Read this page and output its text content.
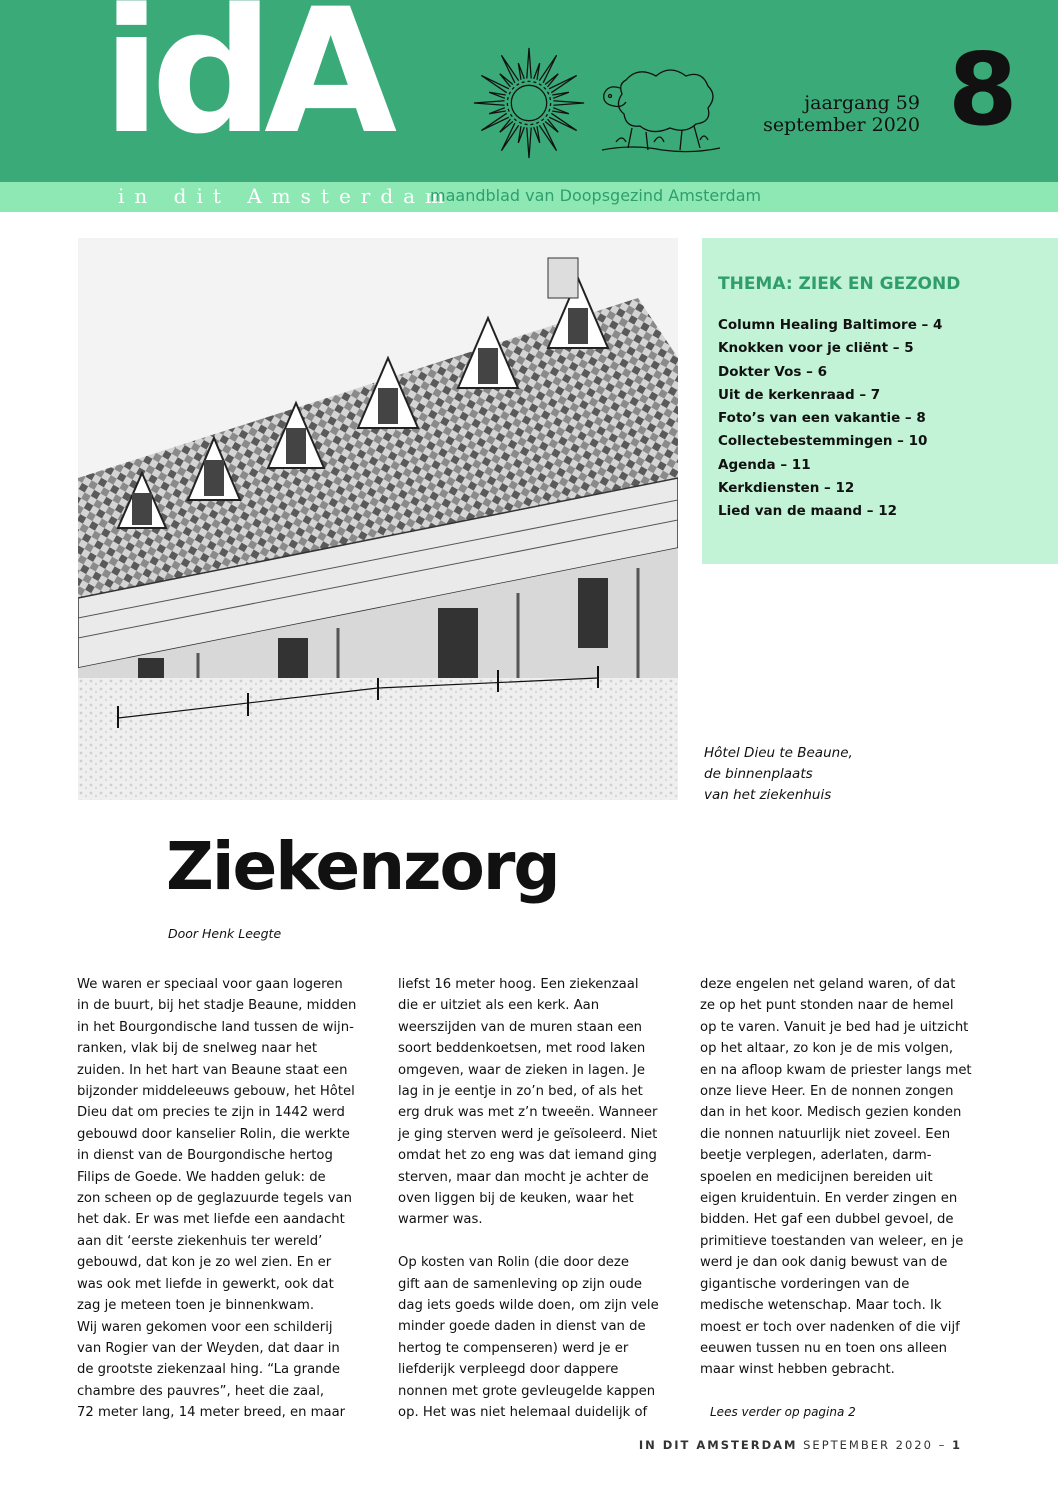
idA
in dit Amsterdam
maandblad van Doopsgezind Amsterdam
jaargang 59
september 2020 8
THEMA: ZIEK EN GEZOND
Column Healing Baltimore – 4
Knokken voor je cliënt – 5
Dokter Vos – 6
Uit de kerkenraad – 7
Foto’s van een vakantie – 8
Collectebestemmingen – 10
Agenda – 11
Kerkdiensten – 12
Lied van de maand – 12
Hôtel Dieu te Beaune,
de binnenplaats
van het ziekenhuis
Ziekenzorg
Door Henk Leegte

We waren er speciaal voor gaan logeren
in de buurt, bij het stadje Beaune, midden
in het Bourgondische land tussen de wijn-
ranken, vlak bij de snelweg naar het
zuiden. In het hart van Beaune staat een
bijzonder middeleeuws gebouw, het Hôtel
Dieu dat om precies te zijn in 1442 werd
gebouwd door kanselier Rolin, die werkte
in dienst van de Bourgondische hertog
Filips de Goede. We hadden geluk: de
zon scheen op de geglazuurde tegels van
het dak. Er was met liefde een aandacht
aan dit ‘eerste ziekenhuis ter wereld’
gebouwd, dat kon je zo wel zien. En er
was ook met liefde in gewerkt, ook dat
zag je meteen toen je binnenkwam.
Wij waren gekomen voor een schilderij
van Rogier van der Weyden, dat daar in
de grootste ziekenzaal hing. “La grande
chambre des pauvres”, heet die zaal,
72 meter lang, 14 meter breed, en maar

liefst 16 meter hoog. Een ziekenzaal
die er uitziet als een kerk. Aan
weerszijden van de muren staan een
soort beddenkoetsen, met rood laken
omgeven, waar de zieken in lagen. Je
lag in je eentje in zo’n bed, of als het
erg druk was met z’n tweeën. Wanneer
je ging sterven werd je geïsoleerd. Niet
omdat het zo eng was dat iemand ging
sterven, maar dan mocht je achter de
oven liggen bij de keuken, waar het
warmer was.

Op kosten van Rolin (die door deze
gift aan de samenleving op zijn oude
dag iets goeds wilde doen, om zijn vele
minder goede daden in dienst van de
hertog te compenseren) werd je er
liefderijk verpleegd door dappere
nonnen met grote gevleugelde kappen
op. Het was niet helemaal duidelijk of

deze engelen net geland waren, of dat
ze op het punt stonden naar de hemel
op te varen. Vanuit je bed had je uitzicht
op het altaar, zo kon je de mis volgen,
en na afloop kwam de priester langs met
onze lieve Heer. En de nonnen zongen
dan in het koor. Medisch gezien konden
die nonnen natuurlijk niet zoveel. Een
beetje verplegen, aderlaten, darm-
spoelen en medicijnen bereiden uit
eigen kruidentuin. En verder zingen en
bidden. Het gaf een dubbel gevoel, de
primitieve toestanden van weleer, en je
werd je dan ook danig bewust van de
gigantische vorderingen van de
medische wetenschap. Maar toch. Ik
moest er toch over nadenken of die vijf
eeuwen tussen nu en toen ons alleen
maar winst hebben gebracht.

Lees verder op pagina 2
IN DIT AMSTERDAM SEPTEMBER 2020 – 1
